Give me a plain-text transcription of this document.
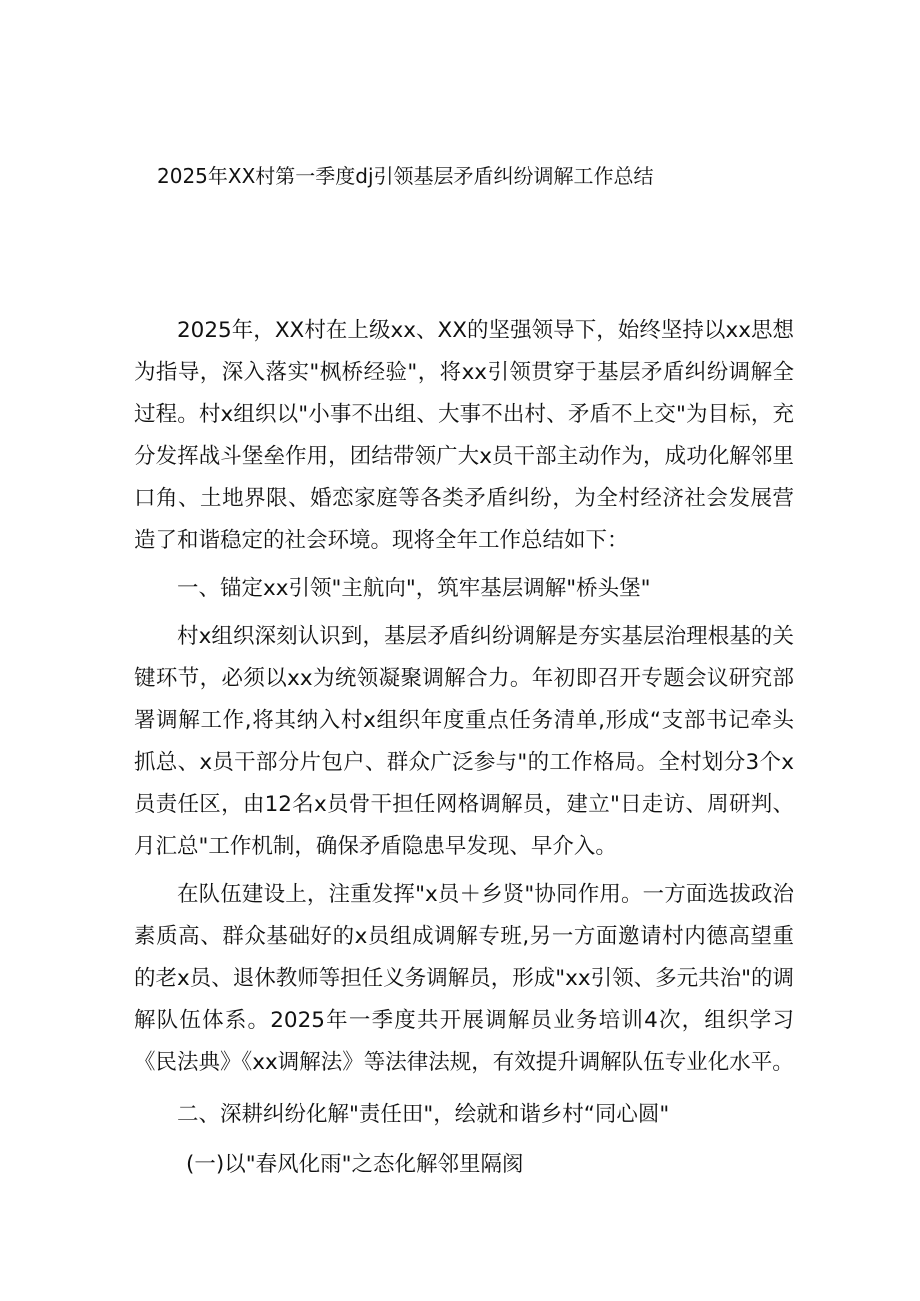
2025年XX村第一季度dj引领基层矛盾纠纷调解工作总结

2025年，XX村在上级xx、XX的坚强领导下，始终坚持以xx思想为指导，深入落实"枫桥经验"，将xx引领贯穿于基层矛盾纠纷调解全过程。村x组织以"小事不出组、大事不出村、矛盾不上交"为目标，充分发挥战斗堡垒作用，团结带领广大x员干部主动作为，成功化解邻里口角、土地界限、婚恋家庭等各类矛盾纠纷，为全村经济社会发展营造了和谐稳定的社会环境。现将全年工作总结如下：

一、锚定xx引领"主航向"，筑牢基层调解"桥头堡"

村x组织深刻认识到，基层矛盾纠纷调解是夯实基层治理根基的关键环节，必须以xx为统领凝聚调解合力。年初即召开专题会议研究部署调解工作,将其纳入村x组织年度重点任务清单,形成“支部书记牵头抓总、x员干部分片包户、群众广泛参与"的工作格局。全村划分3个x员责任区，由12名x员骨干担任网格调解员，建立"日走访、周研判、月汇总"工作机制，确保矛盾隐患早发现、早介入。

在队伍建设上，注重发挥"x员＋乡贤"协同作用。一方面选拔政治素质高、群众基础好的x员组成调解专班,另一方面邀请村内德高望重的老x员、退休教师等担任义务调解员，形成"xx引领、多元共治"的调解队伍体系。2025年一季度共开展调解员业务培训4次，组织学习《民法典》《xx调解法》等法律法规，有效提升调解队伍专业化水平。

二、深耕纠纷化解"责任田"，绘就和谐乡村“同心圆"

(一)以"春风化雨"之态化解邻里隔阂
